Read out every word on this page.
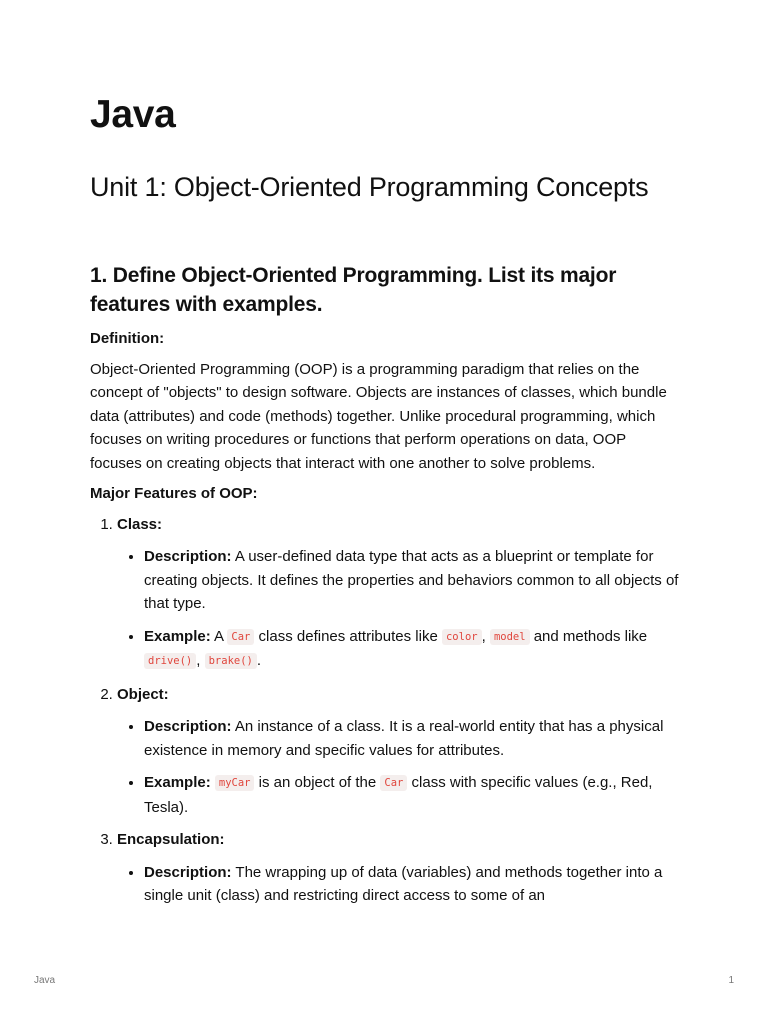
Java
Unit 1: Object-Oriented Programming Concepts
1. Define Object-Oriented Programming. List its major features with examples.

Definition:

Object-Oriented Programming (OOP) is a programming paradigm that relies on the concept of "objects" to design software. Objects are instances of classes, which bundle data (attributes) and code (methods) together. Unlike procedural programming, which focuses on writing procedures or functions that perform operations on data, OOP focuses on creating objects that interact with one another to solve problems.

Major Features of OOP:

1. Class:
• Description: A user-defined data type that acts as a blueprint or template for creating objects. It defines the properties and behaviors common to all objects of that type.
• Example: A Car class defines attributes like color , model and methods like drive() , brake() .
2. Object:
• Description: An instance of a class. It is a real-world entity that has a physical existence in memory and specific values for attributes.
• Example: myCar is an object of the Car class with specific values (e.g., Red, Tesla).
3. Encapsulation:
• Description: The wrapping up of data (variables) and methods together into a single unit (class) and restricting direct access to some of an
Java	1
